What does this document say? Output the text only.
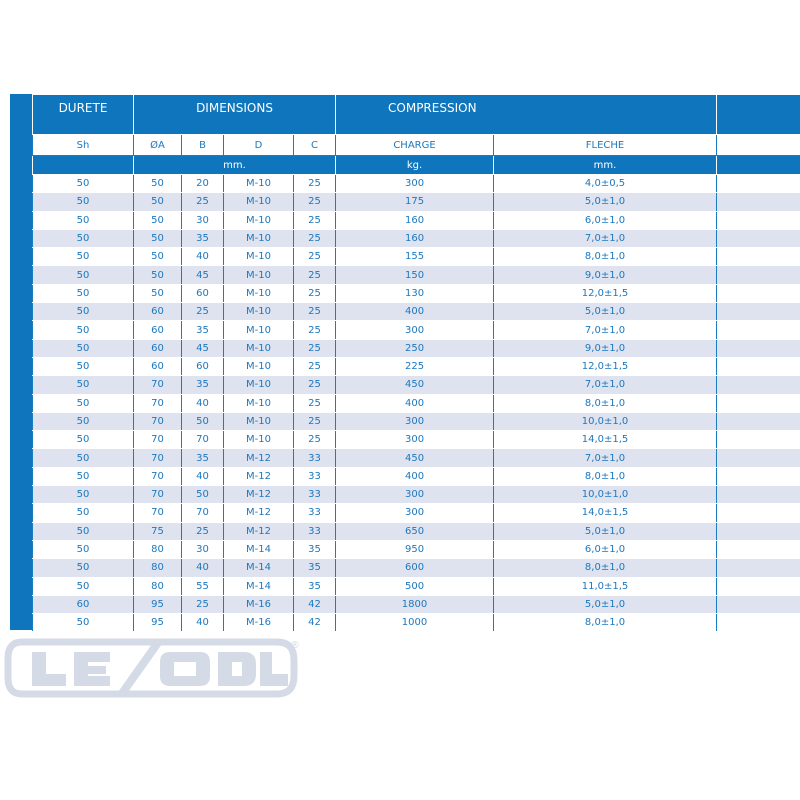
DURETE	DIMENSIONS				COMPRESSION		
Sh	ØA	B	D	C	CHARGE	FLECHE	
	mm.				kg.	mm.	
50	50	20	M-10	25	300	4,0±0,5	
50	50	25	M-10	25	175	5,0±1,0	
50	50	30	M-10	25	160	6,0±1,0	
50	50	35	M-10	25	160	7,0±1,0	
50	50	40	M-10	25	155	8,0±1,0	
50	50	45	M-10	25	150	9,0±1,0	
50	50	60	M-10	25	130	12,0±1,5	
50	60	25	M-10	25	400	5,0±1,0	
50	60	35	M-10	25	300	7,0±1,0	
50	60	45	M-10	25	250	9,0±1,0	
50	60	60	M-10	25	225	12,0±1,5	
50	70	35	M-10	25	450	7,0±1,0	
50	70	40	M-10	25	400	8,0±1,0	
50	70	50	M-10	25	300	10,0±1,0	
50	70	70	M-10	25	300	14,0±1,5	
50	70	35	M-12	33	450	7,0±1,0	
50	70	40	M-12	33	400	8,0±1,0	
50	70	50	M-12	33	300	10,0±1,0	
50	70	70	M-12	33	300	14,0±1,5	
50	75	25	M-12	33	650	5,0±1,0	
50	80	30	M-14	35	950	6,0±1,0	
50	80	40	M-14	35	600	8,0±1,0	
50	80	55	M-14	35	500	11,0±1,5	
60	95	25	M-16	42	1800	5,0±1,0	
50	95	40	M-16	42	1000	8,0±1,0	
®
LESOL
